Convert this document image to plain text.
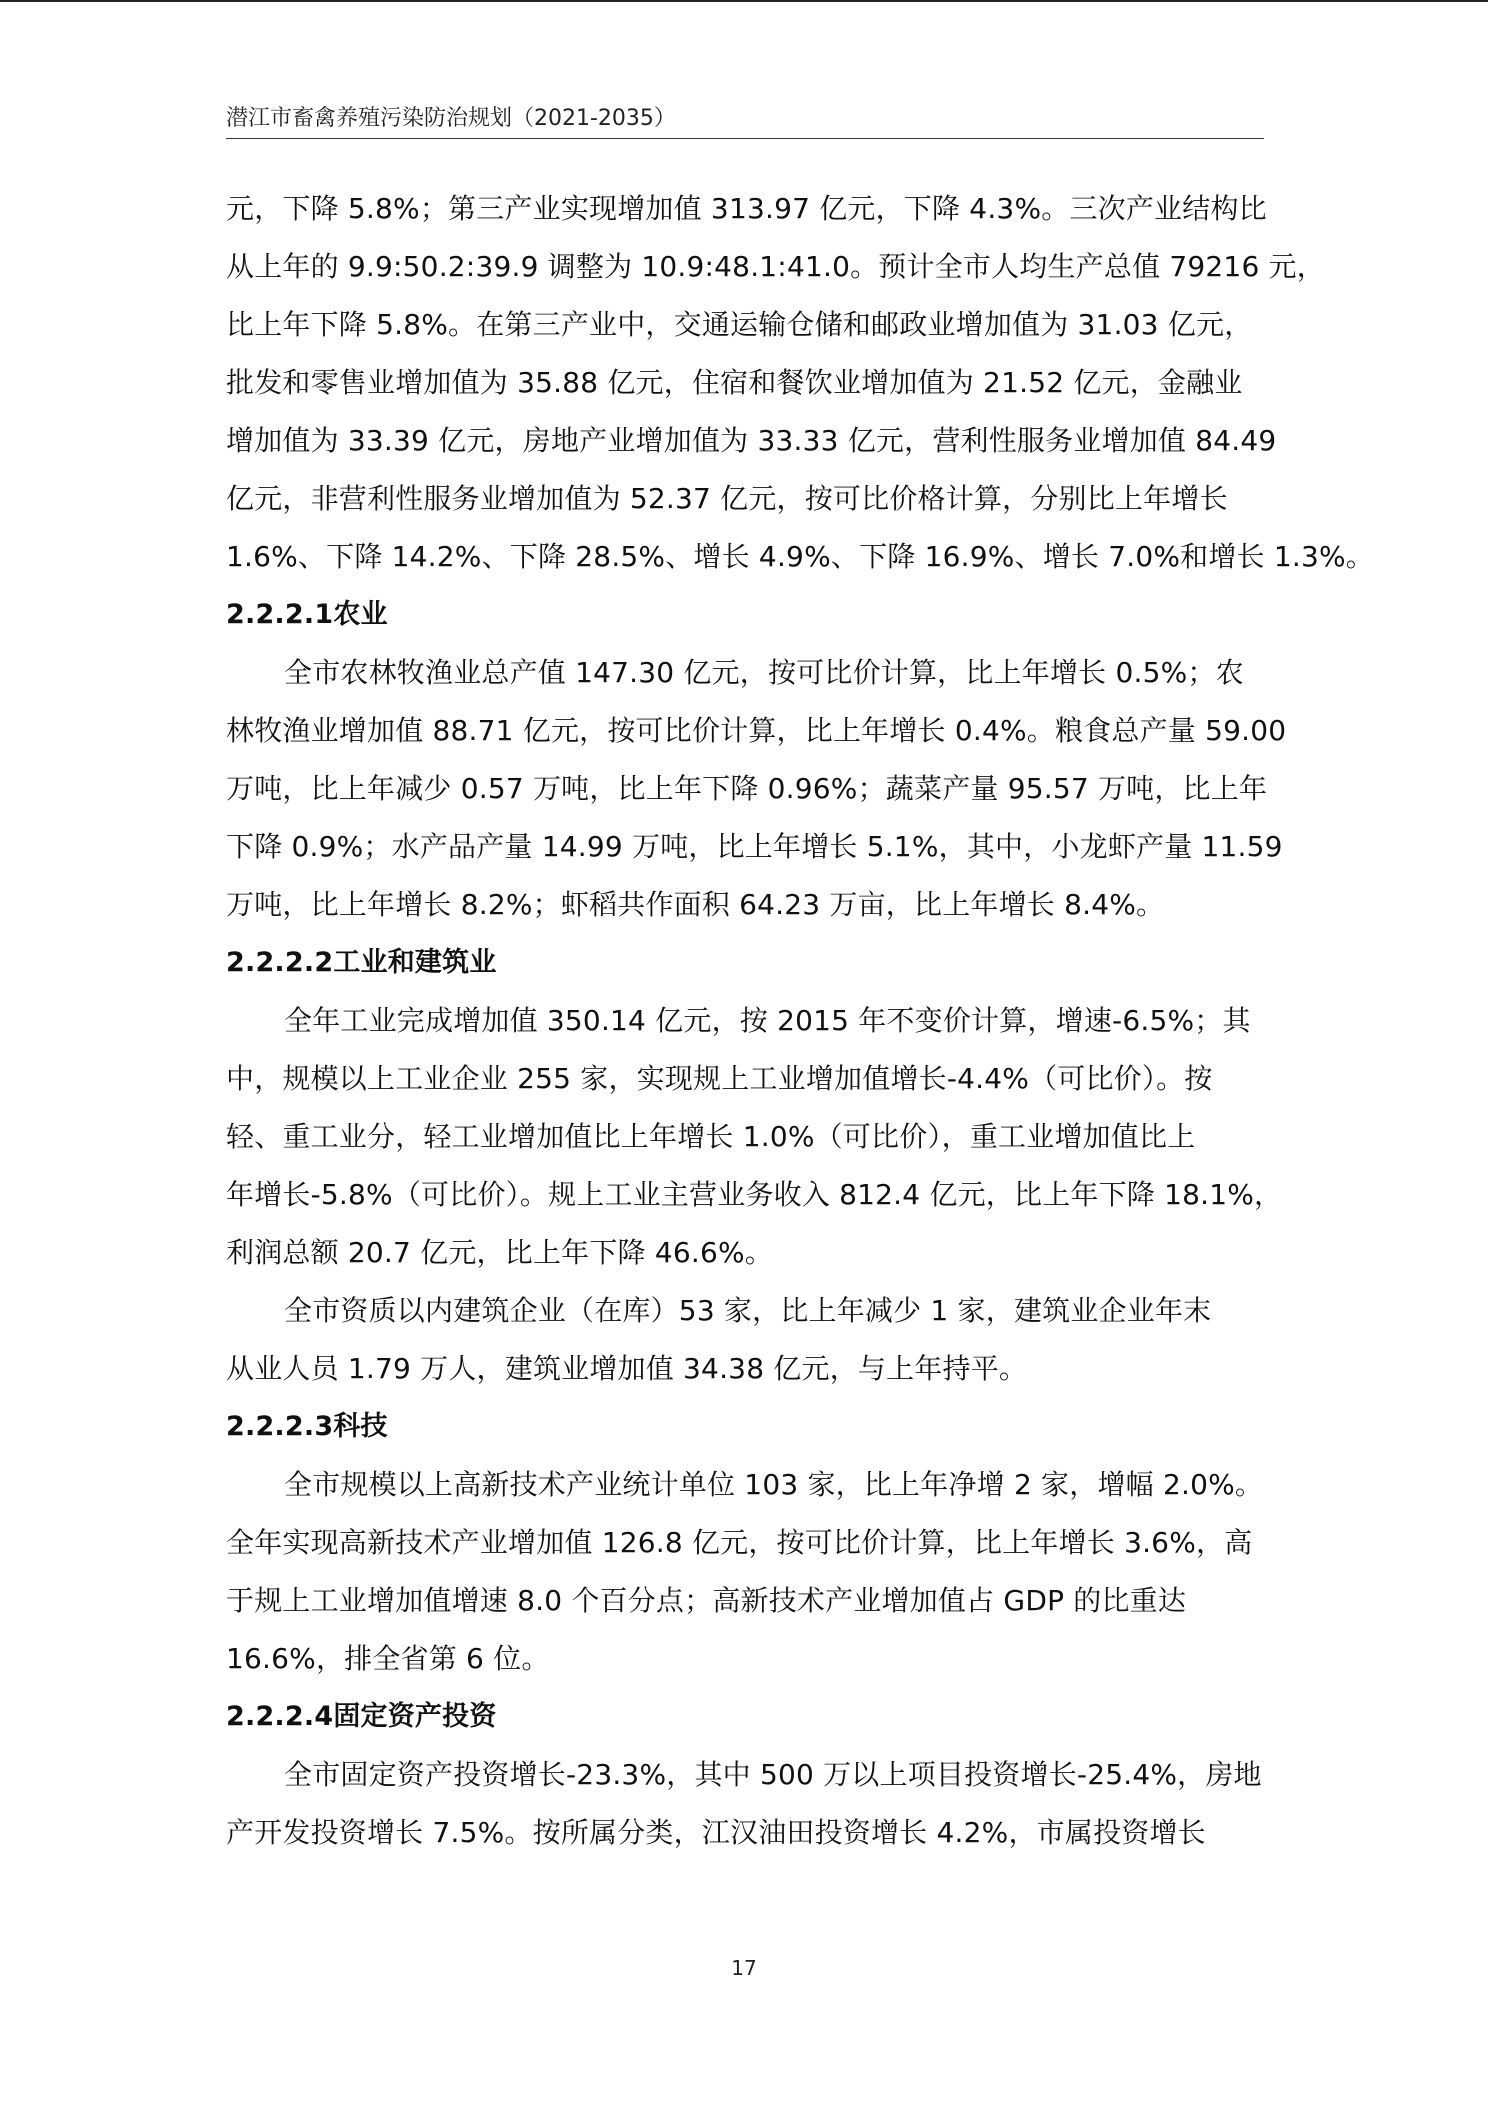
潜江市畜禽养殖污染防治规划（2021-2035）
元，下降 5.8%；第三产业实现增加值 313.97 亿元，下降 4.3%。三次产业结构比
从上年的 9.9:50.2:39.9 调整为 10.9:48.1:41.0。预计全市人均生产总值 79216 元，
比上年下降 5.8%。在第三产业中，交通运输仓储和邮政业增加值为 31.03 亿元，
批发和零售业增加值为 35.88 亿元，住宿和餐饮业增加值为 21.52 亿元，金融业
增加值为 33.39 亿元，房地产业增加值为 33.33 亿元，营利性服务业增加值 84.49
亿元，非营利性服务业增加值为 52.37 亿元，按可比价格计算，分别比上年增长
1.6%、下降 14.2%、下降 28.5%、增长 4.9%、下降 16.9%、增长 7.0%和增长 1.3%。
2.2.2.1农业
全市农林牧渔业总产值 147.30 亿元，按可比价计算，比上年增长 0.5%；农
林牧渔业增加值 88.71 亿元，按可比价计算，比上年增长 0.4%。粮食总产量 59.00
万吨，比上年减少 0.57 万吨，比上年下降 0.96%；蔬菜产量 95.57 万吨，比上年
下降 0.9%；水产品产量 14.99 万吨，比上年增长 5.1%，其中，小龙虾产量 11.59
万吨，比上年增长 8.2%；虾稻共作面积 64.23 万亩，比上年增长 8.4%。
2.2.2.2工业和建筑业
全年工业完成增加值 350.14 亿元，按 2015 年不变价计算，增速-6.5%；其
中，规模以上工业企业 255 家，实现规上工业增加值增长-4.4%（可比价）。按
轻、重工业分，轻工业增加值比上年增长 1.0%（可比价），重工业增加值比上
年增长-5.8%（可比价）。规上工业主营业务收入 812.4 亿元，比上年下降 18.1%，
利润总额 20.7 亿元，比上年下降 46.6%。
全市资质以内建筑企业（在库）53 家，比上年减少 1 家，建筑业企业年末
从业人员 1.79 万人，建筑业增加值 34.38 亿元，与上年持平。
2.2.2.3科技
全市规模以上高新技术产业统计单位 103 家，比上年净增 2 家，增幅 2.0%。
全年实现高新技术产业增加值 126.8 亿元，按可比价计算，比上年增长 3.6%，高
于规上工业增加值增速 8.0 个百分点；高新技术产业增加值占 GDP 的比重达
16.6%，排全省第 6 位。
2.2.2.4固定资产投资
全市固定资产投资增长-23.3%，其中 500 万以上项目投资增长-25.4%，房地
产开发投资增长 7.5%。按所属分类，江汉油田投资增长 4.2%，市属投资增长
17
